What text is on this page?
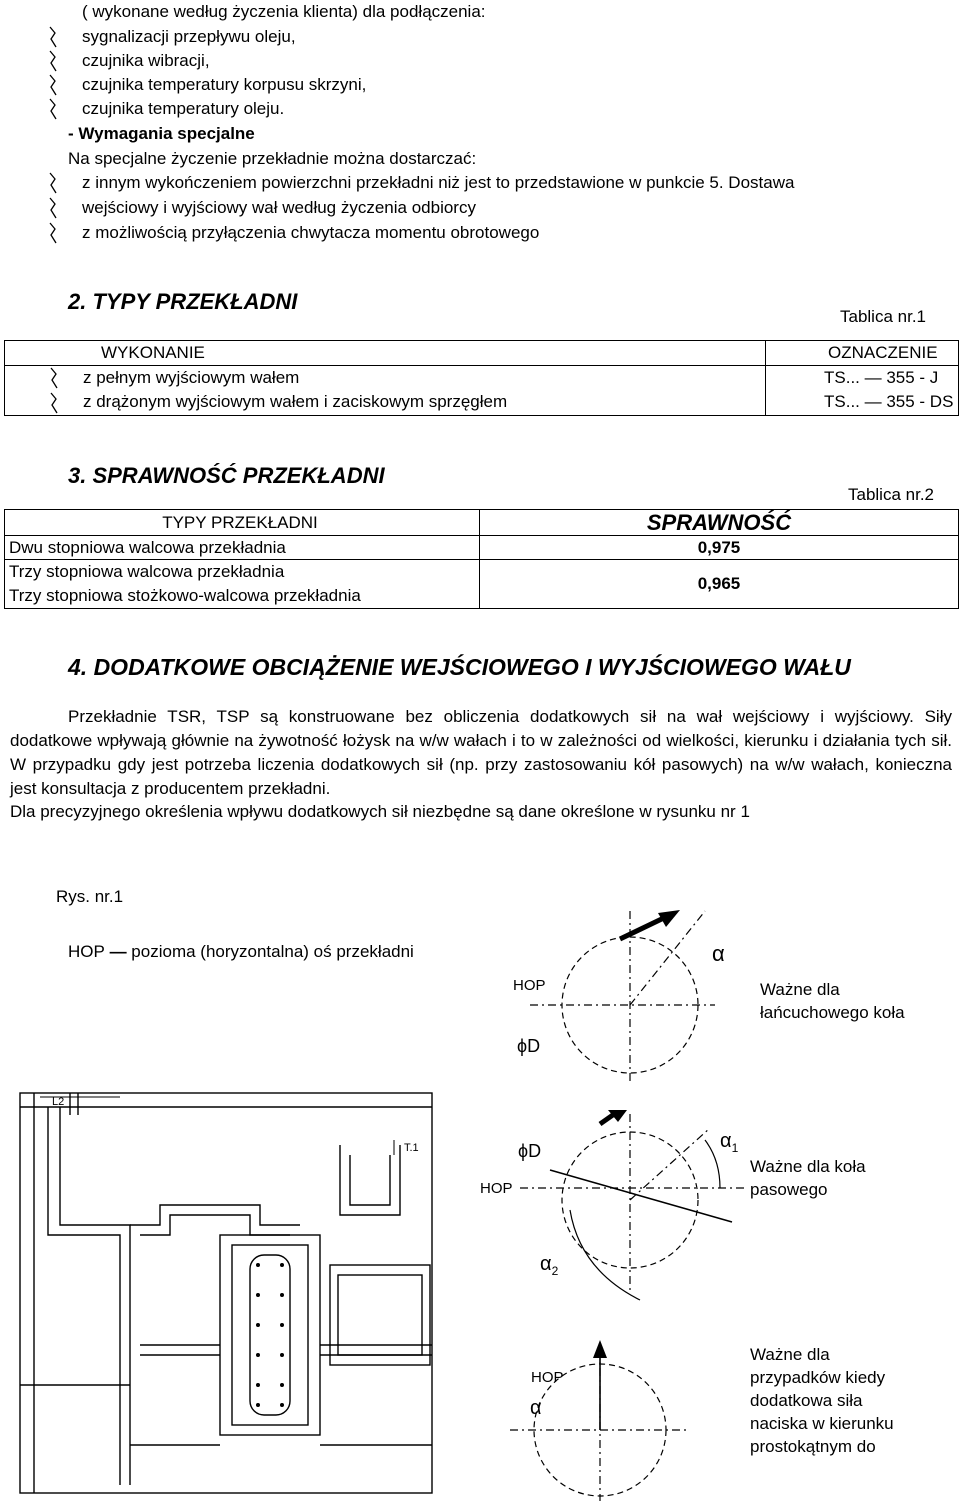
( wykonane według życzenia klienta) dla podłączenia:
sygnalizacji przepływu oleju,
czujnika wibracji,
czujnika temperatury korpusu skrzyni,
czujnika temperatury oleju.
- Wymagania specjalne
Na specjalne życzenie przekładnie można dostarczać:
z innym wykończeniem powierzchni przekładni niż jest to przedstawione w punkcie 5. Dostawa
wejściowy i wyjściowy wał według życzenia odbiorcy
z możliwością przyłączenia chwytacza momentu obrotowego
2. TYPY PRZEKŁADNI
Tablica nr.1
WYKONANIE	OZNACZENIE

z pełnym wyjściowym wałem	TS... — 355 - J

z drążonym wyjściowym wałem i zaciskowym sprzęgłem	TS... — 355 - DS
3. SPRAWNOŚĆ PRZEKŁADNI
Tablica nr.2
TYPY PRZEKŁADNI	SPRAWNOŚĆ
Dwu stopniowa walcowa przekładnia	0,975

Trzy stopniowa walcowa przekładnia
Trzy stopniowa stożkowo-walcowa przekładnia	0,965
4. DODATKOWE OBCIĄŻENIE WEJŚCIOWEGO I WYJŚCIOWEGO WAŁU
Przekładnie TSR, TSP są konstruowane bez obliczenia dodatkowych sił na wał wejściowy i wyjściowy. Siły dodatkowe wpływają głównie na żywotność łożysk na w/w wałach i to w zależności od wielkości, kierunku i działania tych sił. W przypadku gdy jest potrzeba liczenia dodatkowych sił (np. przy zastosowaniu kół pasowych) na w/w wałach, konieczna jest konsultacja z producentem przekładni.
Dla precyzyjnego określenia wpływu dodatkowych sił niezbędne są dane określone w rysunku nr 1
Rys. nr.1
HOP — pozioma (horyzontalna) oś przekładni
L2
T.1
α
HOP
ϕD
Ważne dla
łańcuchowego koła
ϕD
HOP
$\alpha_1$
$\alpha_2$
Ważne dla koła
pasowego
HOP
α
Ważne dla
przypadków kiedy
dodatkowa siła
naciska w kierunku
prostokątnym do
